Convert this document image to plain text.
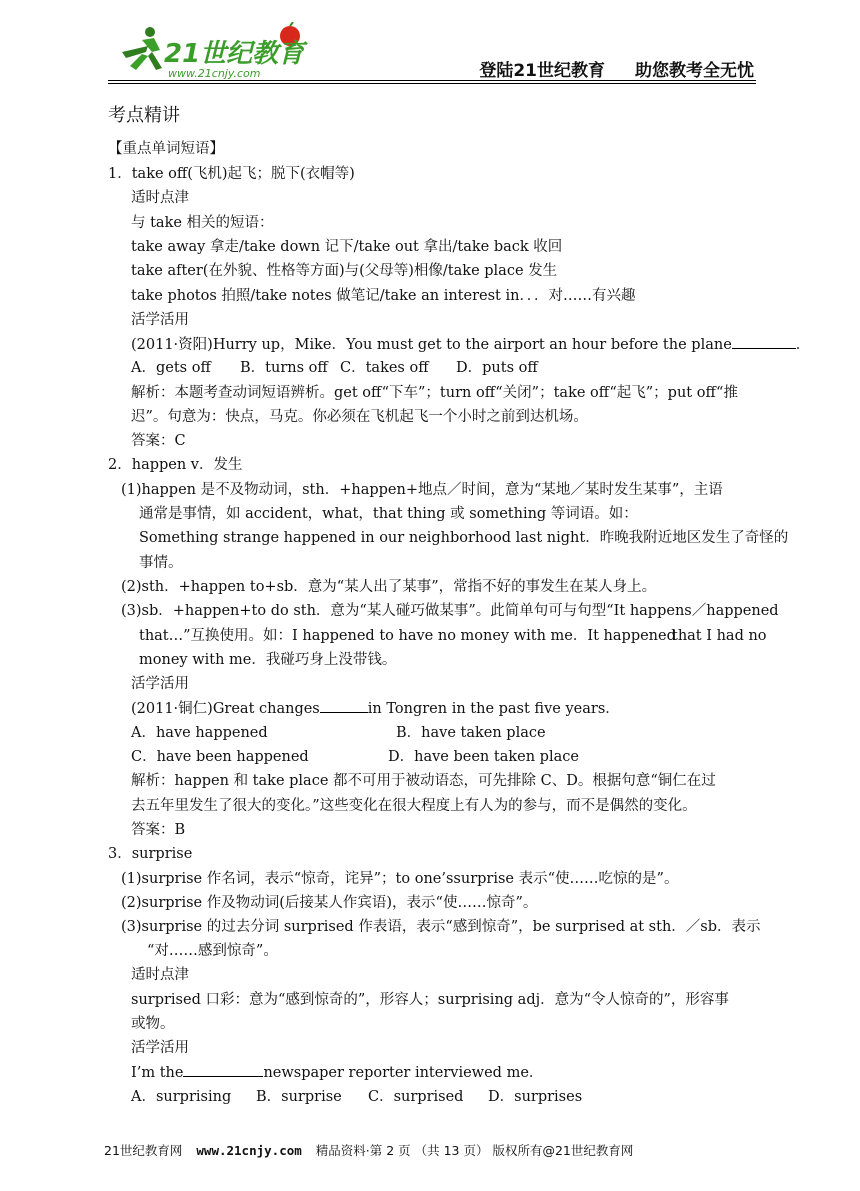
21世纪教育
www.21cnjy.com	登陆21世纪教育 助您教考全无忧
考点精讲
【重点单词短语】
1．take off(飞机)起飞；脱下(衣帽等)
适时点津
与 take 相关的短语：
take away 拿走/take down 记下/take out 拿出/take back 收回
take after(在外貌、性格等方面)与(父母等)相像/take place 发生
take photos 拍照/take notes 做笔记/take an interest in．．．对……有兴趣
活学活用
(2011·资阳)Hurry up，Mike．You must get to the airport an hour before the plane	．
A．gets off B．turns off C．takes off D．puts off
解析：本题考查动词短语辨析。get off“下车”；turn off“关闭”；take off“起飞”；put off“推
迟”。句意为：快点，马克。你必须在飞机起飞一个小时之前到达机场。
答案：C
2．happen v．发生
(1)happen 是不及物动词，sth．+happen+地点／时间，意为“某地／某时发生某事”，主语
通常是事情，如 accident，what，that thing 或 something 等词语。如：
Something strange happened in our neighborhood last night．昨晚我附近地区发生了奇怪的
事情。
(2)sth．+happen to+sb．意为“某人出了某事”，常指不好的事发生在某人身上。
(3)sb．+happen+to do sth．意为“某人碰巧做某事”。此简单句可与句型“It happens／happened
that…”互换使用。如：I happened to have no money with me．It happened
that I had no
money with me．我碰巧身上没带钱。
活学活用
(2011·铜仁)Great changes	in Tongren in the past five years．
A．have happened	B．have taken place
C．have been happened	D．have been taken place
解析：happen 和 take place 都不可用于被动语态，可先排除 C、D。根据句意“铜仁在过
去五年里发生了很大的变化。”这些变化在很大程度上有人为的参与，而不是偶然的变化。
答案：B
3．surprise
(1)surprise 作名词，表示“惊奇，诧异”；to one’ssurprise 表示“使……吃惊的是”。
(2)surprise 作及物动词(后接某人作宾语)，表示“使……惊奇”。
(3)surprise 的过去分词 surprised 作表语，表示“感到惊奇”，be surprised at sth．／sb．表示
“对……感到惊奇”。
适时点津
surprised 口彩：意为“感到惊奇的”，形容人；surprising adj．意为“令人惊奇的”，形容事
或物。
活学活用
I’m the	newspaper reporter interviewed me．
A．surprising B．surprise C．surprised D．surprises
21世纪教育网 www.21cnjy.com 精品资料·第 2 页 （共 13 页） 版权所有@21世纪教育网
